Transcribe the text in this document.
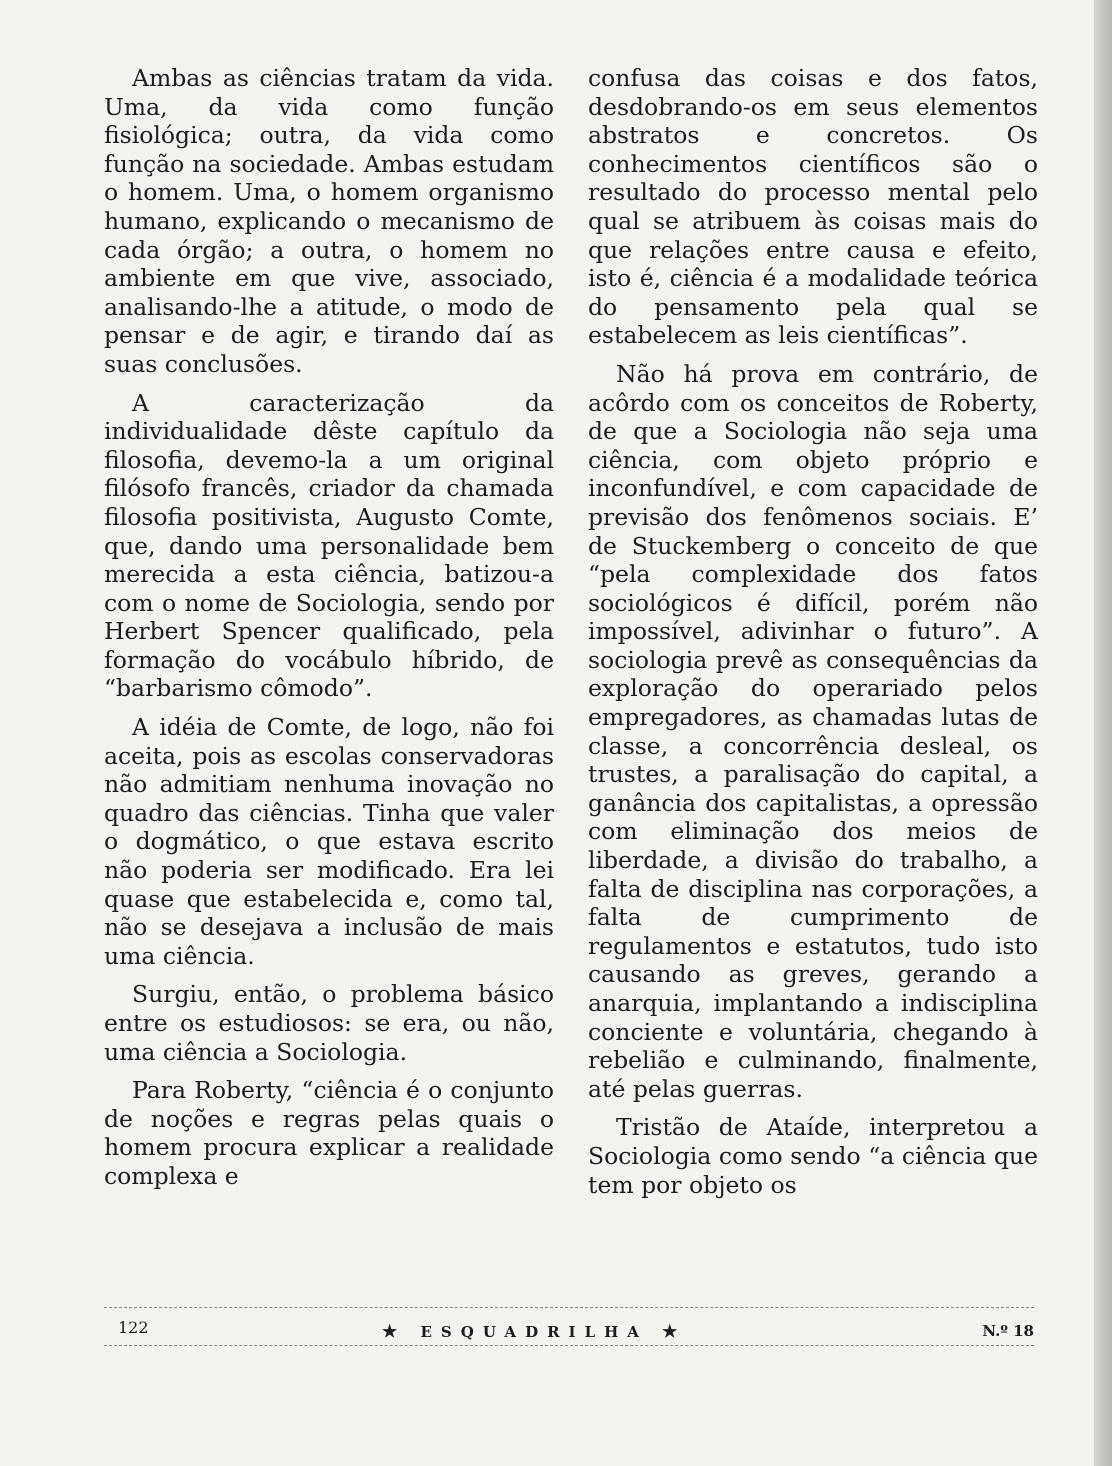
Ambas as ciências tratam da vida. Uma, da vida como função fisiológica; outra, da vida como função na sociedade. Ambas estudam o homem. Uma, o homem organismo humano, explicando o mecanismo de cada órgão; a outra, o homem no ambiente em que vive, associado, analisando-lhe a atitude, o modo de pensar e de agir, e tirando daí as suas conclusões.

A caracterização da individualidade dêste capítulo da filosofia, devemo-la a um original filósofo francês, criador da chamada filosofia positivista, Augusto Comte, que, dando uma personalidade bem merecida a esta ciência, batizou-a com o nome de Sociologia, sendo por Herbert Spencer qualificado, pela formação do vocábulo híbrido, de “barbarismo cômodo”.

A idéia de Comte, de logo, não foi aceita, pois as escolas conservadoras não admitiam nenhuma inovação no quadro das ciências. Tinha que valer o dogmático, o que estava escrito não poderia ser modificado. Era lei quase que estabelecida e, como tal, não se desejava a inclusão de mais uma ciência.

Surgiu, então, o problema básico entre os estudiosos: se era, ou não, uma ciência a Sociologia.

Para Roberty, “ciência é o conjunto de noções e regras pelas quais o homem procura explicar a realidade complexa e

confusa das coisas e dos fatos, desdobrando-os em seus elementos abstratos e concretos. Os conhecimentos científicos são o resultado do processo mental pelo qual se atribuem às coisas mais do que relações entre causa e efeito, isto é, ciência é a modalidade teórica do pensamento pela qual se estabelecem as leis científicas”.

Não há prova em contrário, de acôrdo com os conceitos de Roberty, de que a Sociologia não seja uma ciência, com objeto próprio e inconfundível, e com capacidade de previsão dos fenômenos sociais. E’ de Stuckemberg o conceito de que “pela complexidade dos fatos sociológicos é difícil, porém não impossível, adivinhar o futuro”. A sociologia prevê as consequências da exploração do operariado pelos empregadores, as chamadas lutas de classe, a concorrência desleal, os trustes, a paralisação do capital, a ganância dos capitalistas, a opressão com eliminação dos meios de liberdade, a divisão do trabalho, a falta de disciplina nas corporações, a falta de cumprimento de regulamentos e estatutos, tudo isto causando as greves, gerando a anarquia, implantando a indisciplina conciente e voluntária, chegando à rebelião e culminando, finalmente, até pelas guerras.

Tristão de Ataíde, interpretou a Sociologia como sendo “a ciência que tem por objeto os

122	★ ESQUADRILHA ★	N.º 18
